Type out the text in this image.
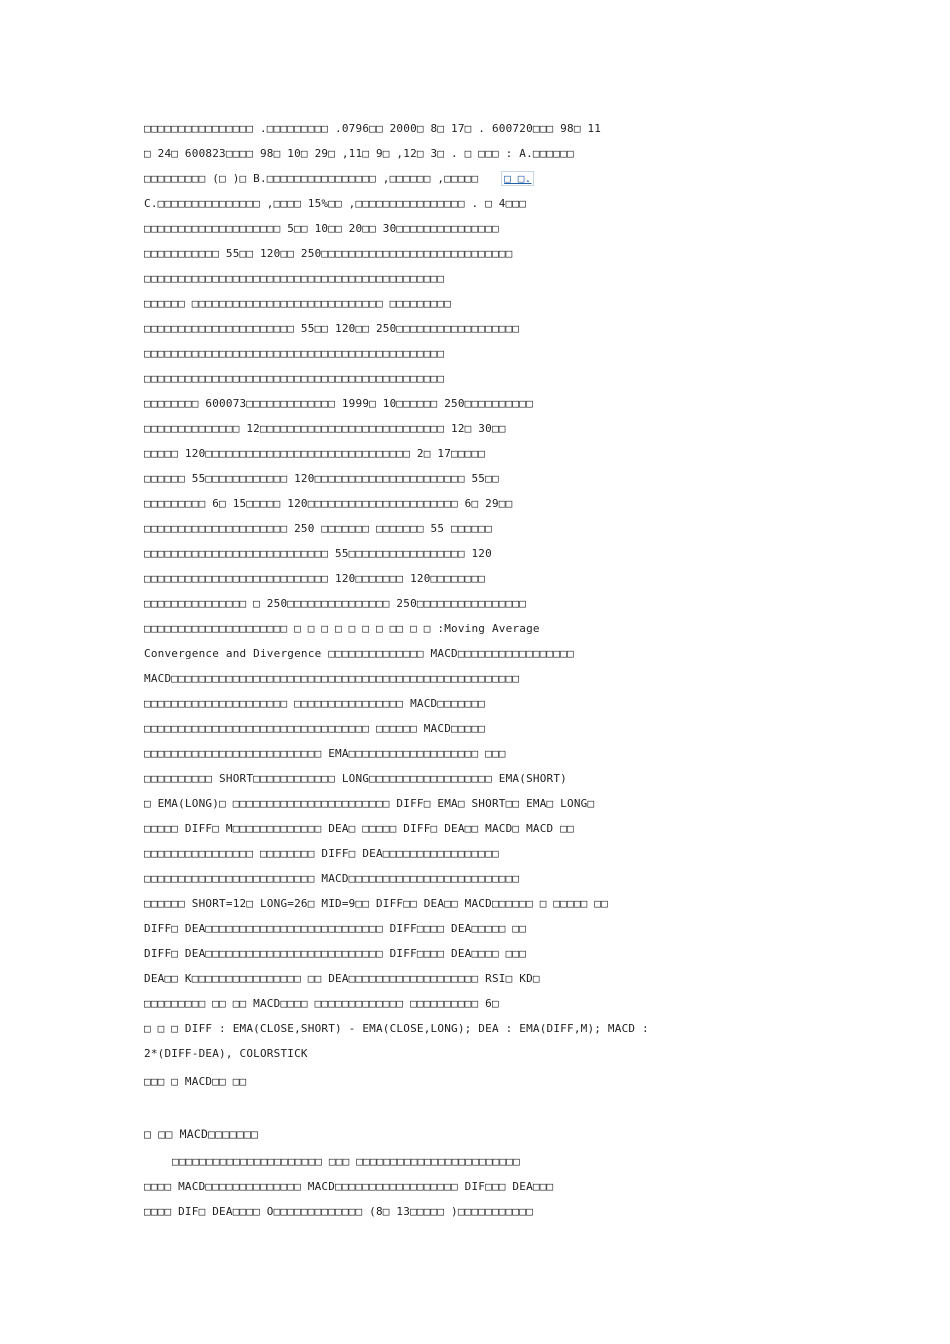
□□□□□□□□□□□□□□□□ .□□□□□□□□□ .0796□□ 2000□ 8□ 17□ . 600720□□□ 98□ 11
□ 24□ 600823□□□□ 98□ 10□ 29□ ,11□ 9□ ,12□ 3□ . □ □□□ : A.□□□□□□
□□□□□□□□□ (□ )□ B.□□□□□□□□□□□□□□□□ ,□□□□□□ ,□□□□□ □ □.
C.□□□□□□□□□□□□□□□ ,□□□□ 15%□□ ,□□□□□□□□□□□□□□□□ . □ 4□□□
□□□□□□□□□□□□□□□□□□□□ 5□□ 10□□ 20□□ 30□□□□□□□□□□□□□□□
□□□□□□□□□□□ 55□□ 120□□ 250□□□□□□□□□□□□□□□□□□□□□□□□□□□□
□□□□□□□□□□□□□□□□□□□□□□□□□□□□□□□□□□□□□□□□□□□□
□□□□□□ □□□□□□□□□□□□□□□□□□□□□□□□□□□□ □□□□□□□□□
□□□□□□□□□□□□□□□□□□□□□□ 55□□ 120□□ 250□□□□□□□□□□□□□□□□□□
□□□□□□□□□□□□□□□□□□□□□□□□□□□□□□□□□□□□□□□□□□□□
□□□□□□□□□□□□□□□□□□□□□□□□□□□□□□□□□□□□□□□□□□□□
□□□□□□□□ 600073□□□□□□□□□□□□□ 1999□ 10□□□□□□ 250□□□□□□□□□□
□□□□□□□□□□□□□□ 12□□□□□□□□□□□□□□□□□□□□□□□□□□□ 12□ 30□□
□□□□□ 120□□□□□□□□□□□□□□□□□□□□□□□□□□□□□□ 2□ 17□□□□□
□□□□□□ 55□□□□□□□□□□□□ 120□□□□□□□□□□□□□□□□□□□□□□ 55□□
□□□□□□□□□ 6□ 15□□□□□ 120□□□□□□□□□□□□□□□□□□□□□□ 6□ 29□□
□□□□□□□□□□□□□□□□□□□□□ 250 □□□□□□□ □□□□□□□ 55 □□□□□□
□□□□□□□□□□□□□□□□□□□□□□□□□□□ 55□□□□□□□□□□□□□□□□□ 120
□□□□□□□□□□□□□□□□□□□□□□□□□□□ 120□□□□□□□ 120□□□□□□□□
□□□□□□□□□□□□□□□ □ 250□□□□□□□□□□□□□□□ 250□□□□□□□□□□□□□□□□
□□□□□□□□□□□□□□□□□□□□□ □ □ □ □ □ □ □ □□ □ □ :Moving Average
Convergence and Divergence □□□□□□□□□□□□□□ MACD□□□□□□□□□□□□□□□□□
MACD□□□□□□□□□□□□□□□□□□□□□□□□□□□□□□□□□□□□□□□□□□□□□□□□□□□
□□□□□□□□□□□□□□□□□□□□□ □□□□□□□□□□□□□□□□ MACD□□□□□□□
□□□□□□□□□□□□□□□□□□□□□□□□□□□□□□□□□ □□□□□□ MACD□□□□□
□□□□□□□□□□□□□□□□□□□□□□□□□□ EMA□□□□□□□□□□□□□□□□□□□ □□□
□□□□□□□□□□ SHORT□□□□□□□□□□□□ LONG□□□□□□□□□□□□□□□□□□ EMA(SHORT)
□ EMA(LONG)□ □□□□□□□□□□□□□□□□□□□□□□□ DIFF□ EMA□ SHORT□□ EMA□ LONG□
□□□□□ DIFF□ M□□□□□□□□□□□□□ DEA□ □□□□□ DIFF□ DEA□□ MACD□ MACD □□
□□□□□□□□□□□□□□□□ □□□□□□□□ DIFF□ DEA□□□□□□□□□□□□□□□□□
□□□□□□□□□□□□□□□□□□□□□□□□□ MACD□□□□□□□□□□□□□□□□□□□□□□□□□
□□□□□□ SHORT=12□ LONG=26□ MID=9□□ DIFF□□ DEA□□ MACD□□□□□□ □ □□□□□ □□
DIFF□ DEA□□□□□□□□□□□□□□□□□□□□□□□□□□ DIFF□□□□ DEA□□□□□ □□
DIFF□ DEA□□□□□□□□□□□□□□□□□□□□□□□□□□ DIFF□□□□ DEA□□□□ □□□
DEA□□ K□□□□□□□□□□□□□□□□ □□ DEA□□□□□□□□□□□□□□□□□□□ RSI□ KD□
□□□□□□□□□ □□ □□ MACD□□□□ □□□□□□□□□□□□□ □□□□□□□□□□ 6□
□ □ □ DIFF : EMA(CLOSE,SHORT) - EMA(CLOSE,LONG); DEA : EMA(DIFF,M); MACD :
2*(DIFF-DEA), COLORSTICK
□□□ □ MACD□□ □□
□ □□ MACD□□□□□□□
□□□□□□□□□□□□□□□□□□□□□□ □□□ □□□□□□□□□□□□□□□□□□□□□□□□
□□□□ MACD□□□□□□□□□□□□□□ MACD□□□□□□□□□□□□□□□□□□ DIF□□□ DEA□□□
□□□□ DIF□ DEA□□□□ O□□□□□□□□□□□□□ (8□ 13□□□□□ )□□□□□□□□□□□
